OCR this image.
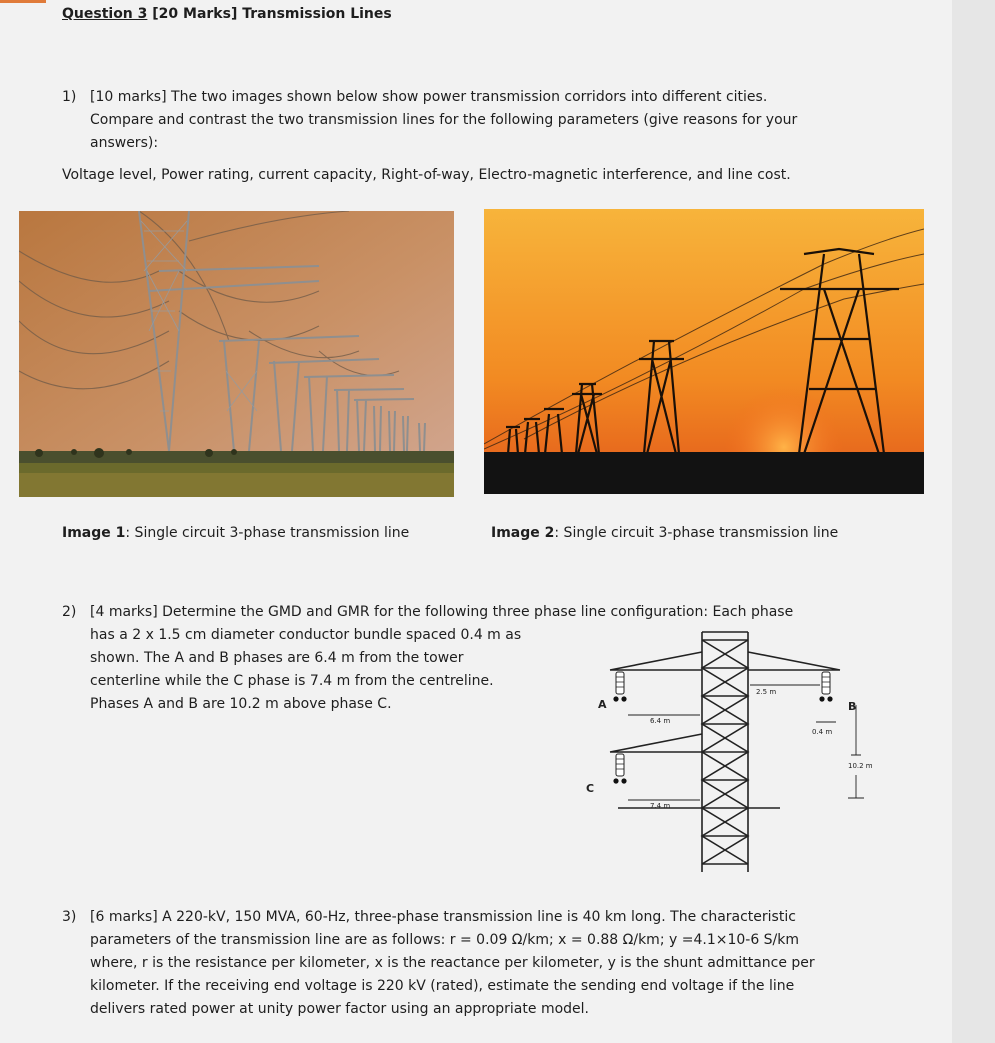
Question 3 [20 Marks] Transmission Lines
1) [10 marks] The two images shown below show power transmission corridors into different cities.
Compare and contrast the two transmission lines for the following parameters (give reasons for your
answers):

Voltage level, Power rating, current capacity, Right-of-way, Electro-magnetic interference, and line cost.

Image 1: Single circuit 3-phase transmission line	Image 2: Single circuit 3-phase transmission line
2) [4 marks] Determine the GMD and GMR for the following three phase line configuration: Each phase
has a 2 x 1.5 cm diameter conductor bundle spaced 0.4 m as
shown. The A and B phases are 6.4 m from the tower
centerline while the C phase is 7.4 m from the centreline.
Phases A and B are 10.2 m above phase C.	A	B
C
6.4 m
7.4 m
2.5 m
0.4 m
10.2 m
3) [6 marks] A 220-kV, 150 MVA, 60-Hz, three-phase transmission line is 40 km long. The characteristic
parameters of the transmission line are as follows: r = 0.09 Ω/km; x = 0.88 Ω/km; y =4.1×10-6 S/km
where, r is the resistance per kilometer, x is the reactance per kilometer, y is the shunt admittance per
kilometer. If the receiving end voltage is 220 kV (rated), estimate the sending end voltage if the line
delivers rated power at unity power factor using an appropriate model.
